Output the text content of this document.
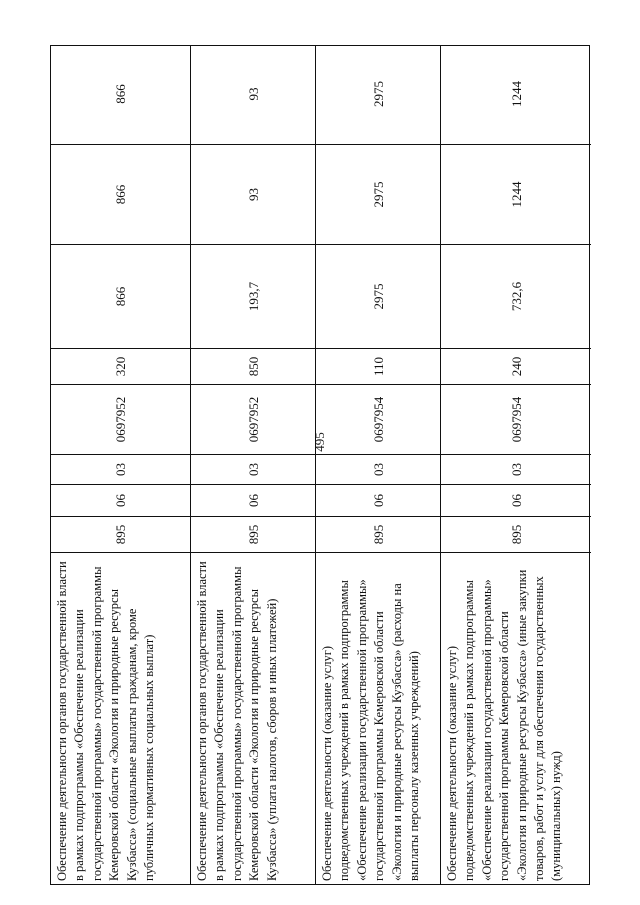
495
Обеспечение деятельности органов государственной власти в рамках подпрограммы «Обеспечение реализации государственной программы» государственной программы Кемеровской области «Экология и природные ресурсы Кузбасса» (социальные выплаты гражданам, кроме публичных нормативных социальных выплат)
895
06
03
0697952
320
866
866
866
Обеспечение деятельности органов государственной власти в рамках подпрограммы «Обеспечение реализации государственной программы» государственной программы Кемеровской области «Экология и природные ресурсы Кузбасса» (уплата налогов, сборов и иных платежей)
895
06
03
0697952
850
193,7
93
93
Обеспечение деятельности (оказание услуг) подведомственных учреждений в рамках подпрограммы «Обеспечение реализации государственной программы» государственной программы Кемеровской области «Экология и природные ресурсы Кузбасса» (расходы на выплаты персоналу казенных учреждений)
895
06
03
0697954
110
2975
2975
2975
Обеспечение деятельности (оказание услуг) подведомственных учреждений в рамках подпрограммы «Обеспечение реализации государственной программы» государственной программы Кемеровской области «Экология и природные ресурсы Кузбасса» (иные закупки товаров, работ и услуг для обеспечения государственных (муниципальных) нужд)
895
06
03
0697954
240
732,6
1244
1244
